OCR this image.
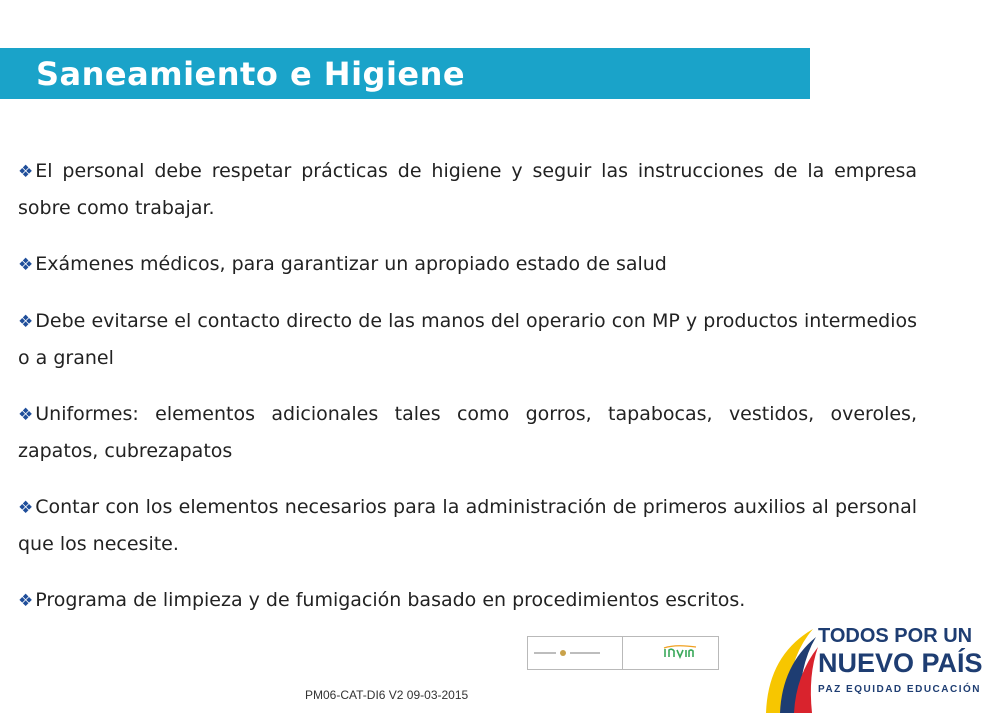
Saneamiento e Higiene

❖ El personal debe respetar prácticas de higiene y seguir las instrucciones de la empresa sobre como trabajar.

❖ Exámenes médicos, para garantizar un apropiado estado de salud

❖ Debe evitarse el contacto directo de las manos del operario con MP y productos intermedios o a granel

❖ Uniformes: elementos adicionales tales como gorros, tapabocas, vestidos, overoles, zapatos, cubrezapatos

❖ Contar con los elementos necesarios para la administración de primeros auxilios al personal que los necesite.

❖ Programa de limpieza y de fumigación basado en procedimientos escritos.

PM06-CAT-DI6 V2 09-03-2015
TODOS POR UN
NUEVO PAÍS
PAZ EQUIDAD EDUCACIÓN
